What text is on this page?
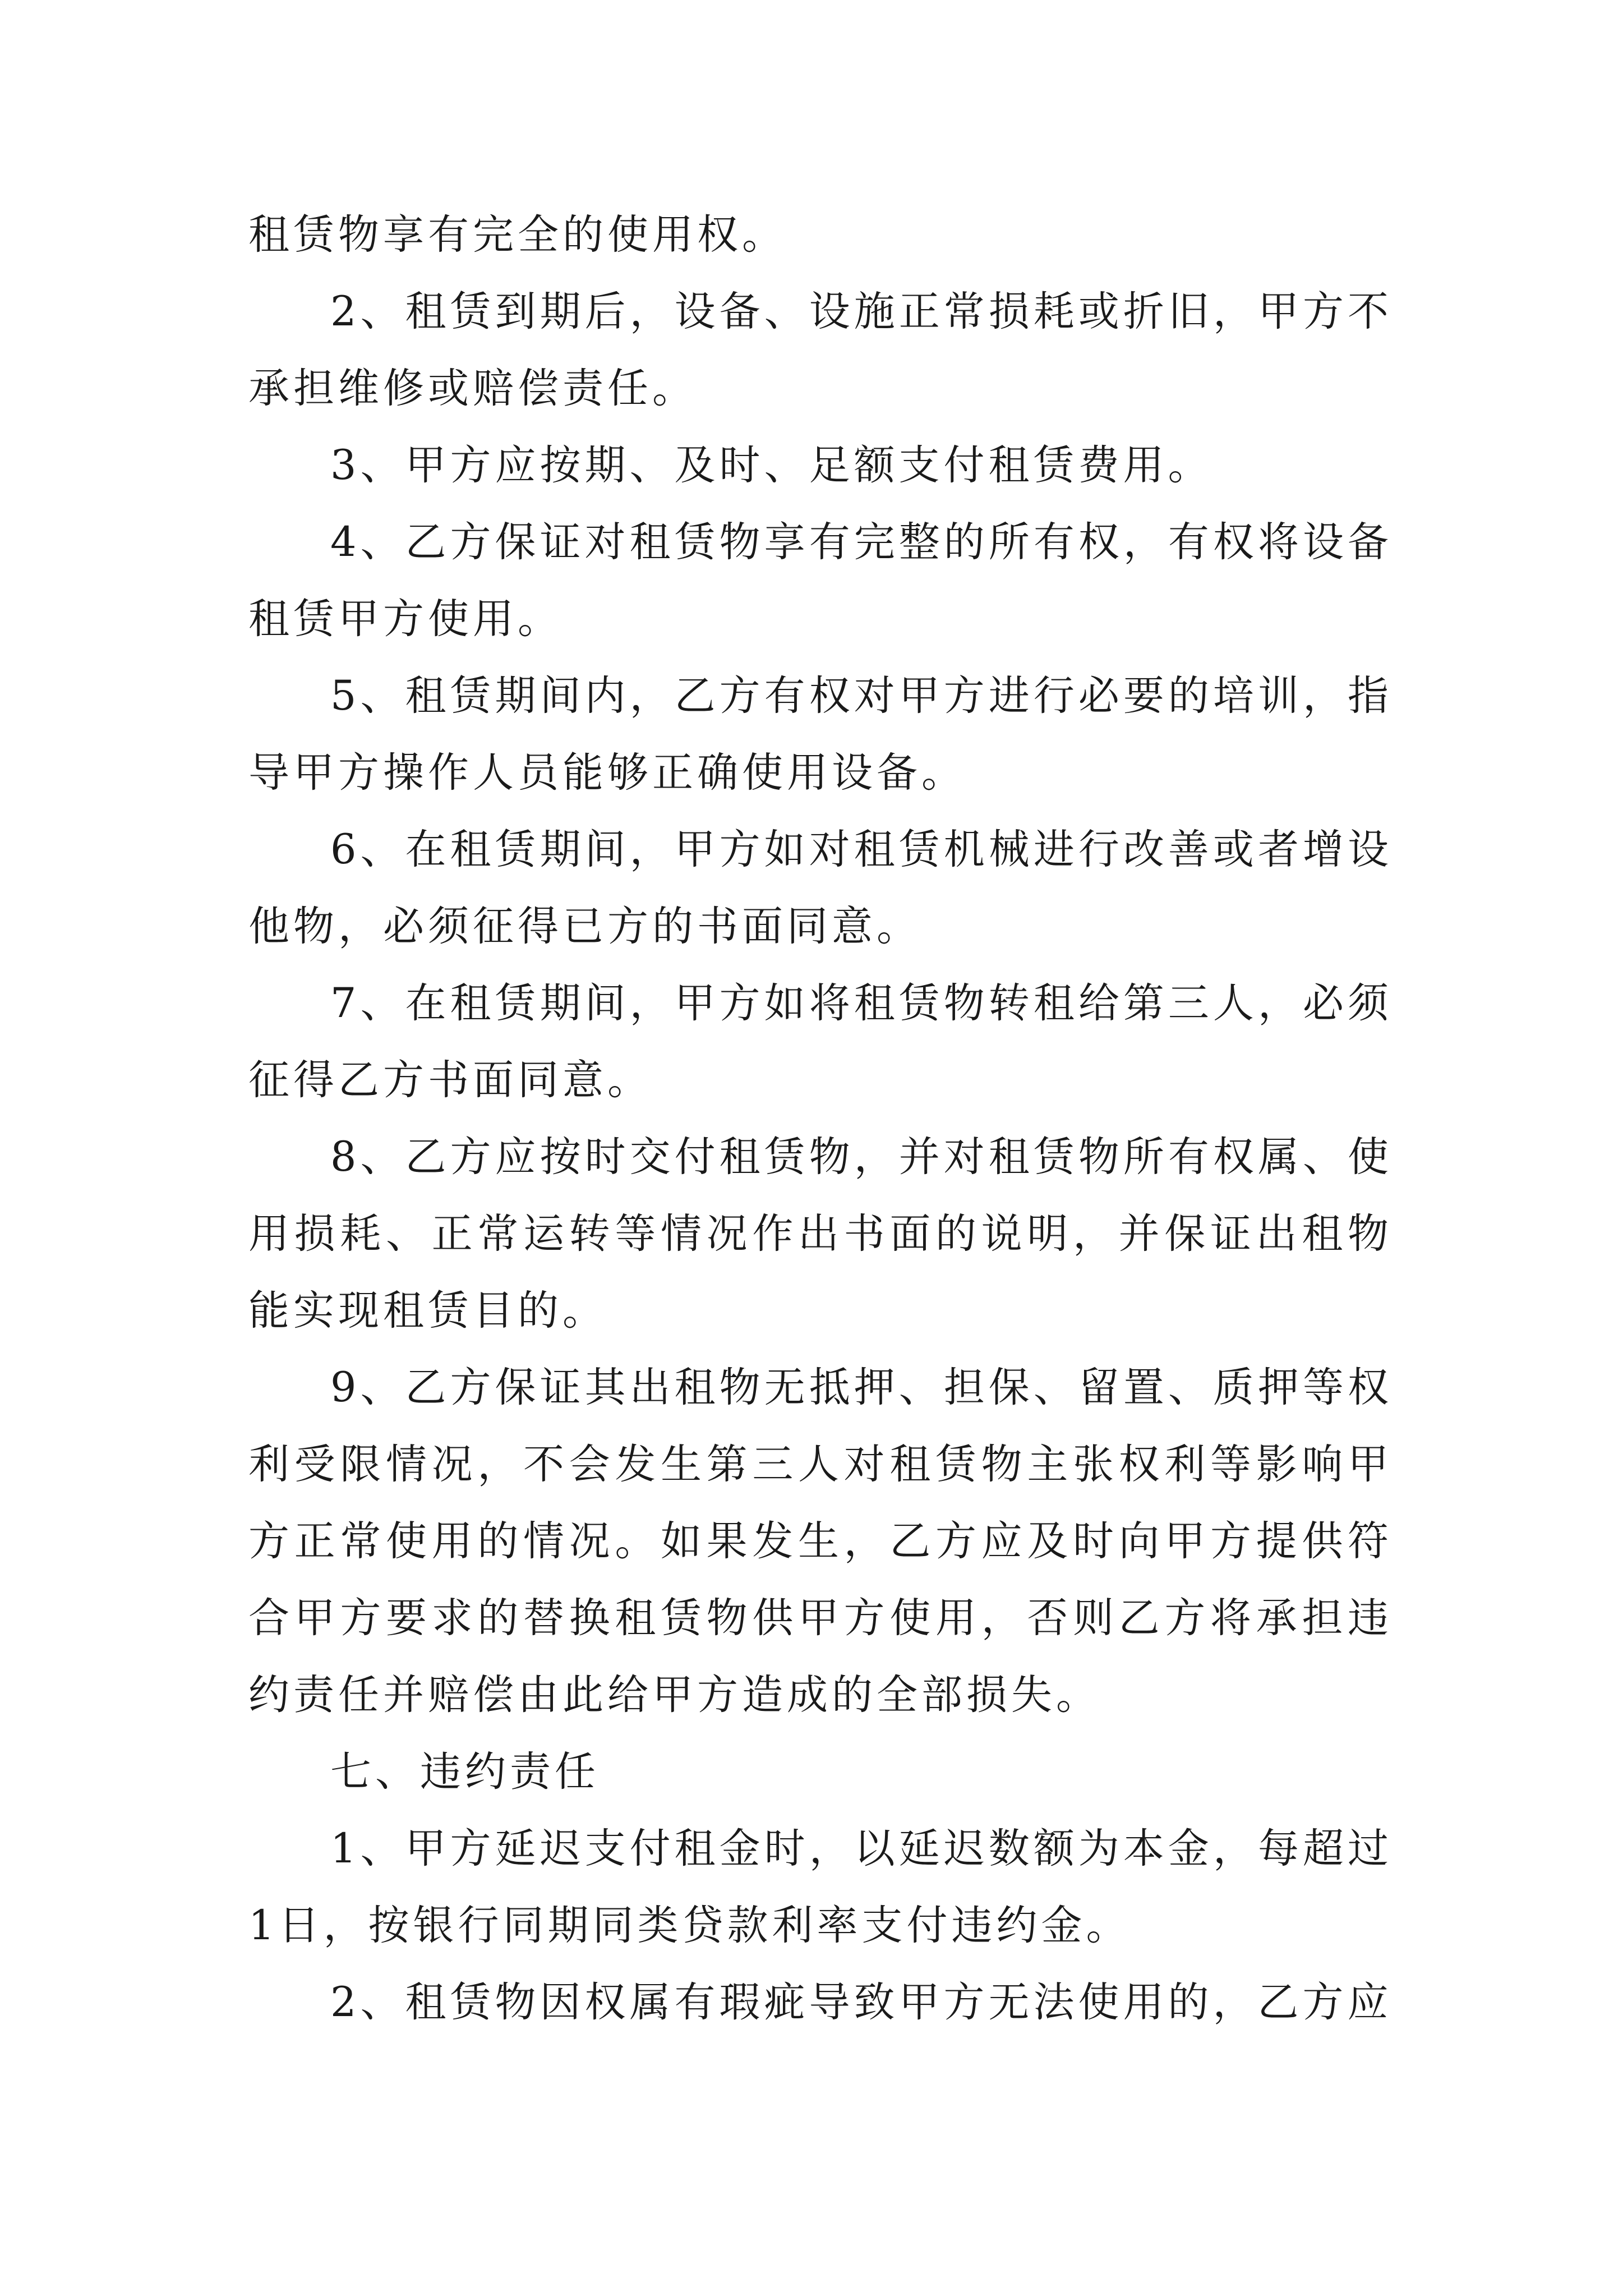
租赁物享有完全的使用权。

2、租赁到期后，设备、设施正常损耗或折旧，甲方不承担维修或赔偿责任。

3、甲方应按期、及时、足额支付租赁费用。

4、乙方保证对租赁物享有完整的所有权，有权将设备租赁甲方使用。

5、租赁期间内，乙方有权对甲方进行必要的培训，指导甲方操作人员能够正确使用设备。

6、在租赁期间，甲方如对租赁机械进行改善或者增设他物，必须征得已方的书面同意。

7、在租赁期间，甲方如将租赁物转租给第三人，必须征得乙方书面同意。

8、乙方应按时交付租赁物，并对租赁物所有权属、使用损耗、正常运转等情况作出书面的说明，并保证出租物能实现租赁目的。

9、乙方保证其出租物无抵押、担保、留置、质押等权利受限情况，不会发生第三人对租赁物主张权利等影响甲方正常使用的情况。如果发生，乙方应及时向甲方提供符合甲方要求的替换租赁物供甲方使用，否则乙方将承担违约责任并赔偿由此给甲方造成的全部损失。

七、违约责任

1、甲方延迟支付租金时，以延迟数额为本金，每超过1日，按银行同期同类贷款利率支付违约金。

2、租赁物因权属有瑕疵导致甲方无法使用的，乙方应
